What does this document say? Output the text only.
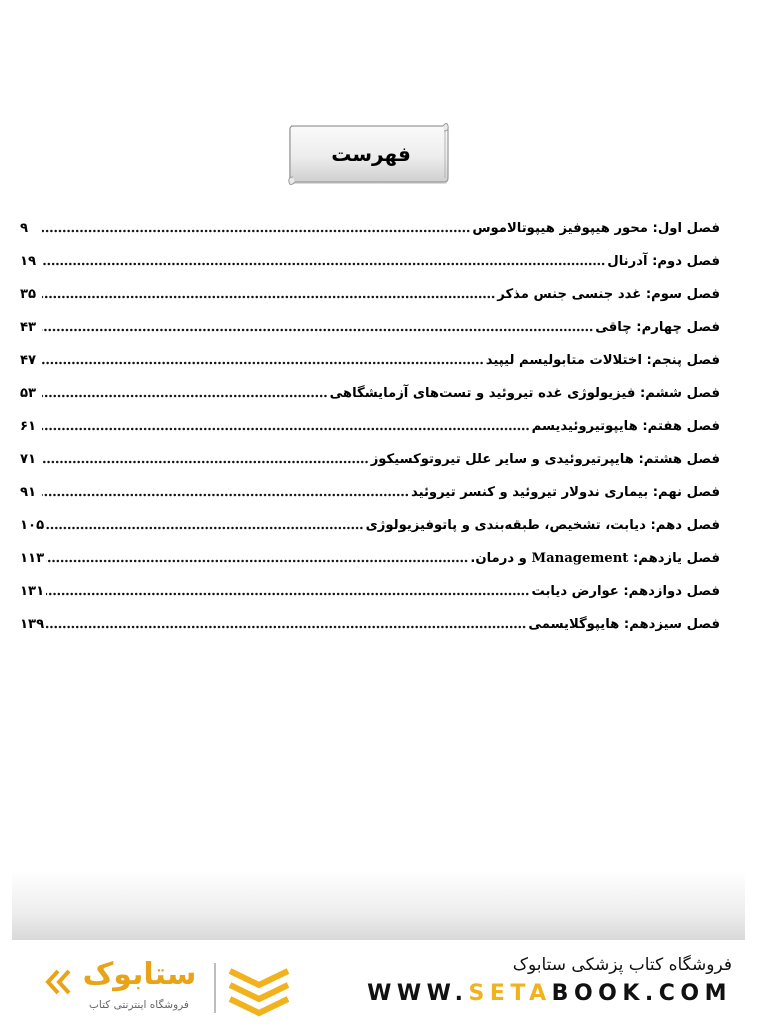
فهرست
فصل اول: محور هیپوفیز هیپوتالاموس
۹
فصل دوم: آدرنال
۱۹
فصل سوم: غدد جنسی جنس مذکر
۳۵
فصل چهارم: چاقی
۴۳
فصل پنجم: اختلالات متابولیسم لیپید
۴۷
فصل ششم: فیزیولوژی غده تیروئید و تست‌های آزمایشگاهی
۵۳
فصل هفتم: هایپوتیروئیدیسم
۶۱
فصل هشتم: هایپرتیروئیدی و سایر علل تیروتوکسیکوز
۷۱
فصل نهم: بیماری ندولار تیروئید و کنسر تیروئید
۹۱
فصل دهم: دیابت، تشخیص، طبقه‌بندی و پاتوفیزیولوژی
۱۰۵
فصل یازدهم: Management و درمان.
۱۱۳
فصل دوازدهم: عوارض دیابت
۱۳۱
فصل سیزدهم: هایپوگلایسمی
۱۳۹
ستابوک
فروشگاه اینترنتی کتاب
فروشگاه کتاب پزشکی ستابوک
WWW.SETABOOK.COM
